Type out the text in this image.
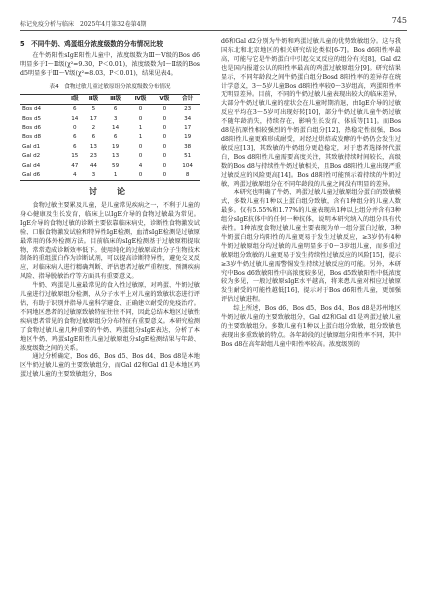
标记免疫分析与临床　2025年4月第32卷第4期	745
5　不同牛奶、鸡蛋组分浓度级数的分布情况比较

在牛奶阳性sIgE阳性儿童中，浓度级数为Ⅲ～Ⅴ级的Bos d6明显多于Ⅰ～Ⅱ级(χ²=9.30，P＜0.01)，浓度级数为Ⅰ～Ⅱ级的Bos d5明显多于Ⅲ～Ⅴ级(χ²=8.03，P＜0.01)，结果见表4。

表4　食物过敏儿童过敏原组分浓度级数分布情况
	Ⅰ级	Ⅱ级	Ⅲ级	Ⅳ级	Ⅴ级	合计
Bos d4	6	5	6	0	0	23
Bos d5	14	17	3	0	0	34
Bos d6	0	2	14	1	0	17
Bos d8	6	6	6	1	0	19
Gal d1	6	13	19	0	0	38
Gal d2	15	23	13	0	0	51
Gal d4	47	44	59	4	0	104
Gal d6	4	3	1	0	0	8
讨　论

食物过敏主要累及儿童，是儿童常见疾病之一，不利于儿童的身心健康及生长发育，临床上以IgE介导的食物过敏最为常见。IgE介导的食物过敏的诊断主要依靠临床病史，诊断性食物激发试验、口服食物激发试验和特异性IgE检测，血清sIgE检测是过敏原最常用的体外检测方法。目前临床的sIgE检测基于过敏原粗提取物，常常造成诊断效率低下。使用纯化的过敏原或由分子生物技术制备的重组蛋白作为诊断试剂，可以提高诊断特异性，避免交叉反应，对临床病人进行精确判断、评估患者过敏严重程度、预测疾病风险、指导脱敏治疗等方面具有重要意义。

牛奶、鸡蛋是儿童最常见的食入性过敏原，对鸡蛋、牛奶过敏儿童进行过敏原组分检测，从分子水平上对儿童的致敏状态进行评估，有助于识别并指导儿童科学避食、正确建立耐受的免疫治疗。不同地区患者的过敏原致敏特征往往不同，因此总结本地区过敏性疾病患者常见的食物过敏原组分分布特征有重要意义。本研究检测了食物过敏儿童几种重要的牛奶、鸡蛋组分sIgE表达，分析了本地区牛奶、鸡蛋sIgE阳性儿童过敏原组分sIgE检测结果与年龄、浓度级数之间的关系。

通过分析确定，Bos d6、Bos d5、Bos d4、Bos d8是本地区牛奶过敏儿童的主要致敏组分，而Gal d2和Gal d1是本地区鸡蛋过敏儿童的主要致敏组分，Bos

d6和Gal d2分别为牛奶和鸡蛋过敏儿童的优势致敏组分。这与我国东北和北京地区的相关研究结论类似[6-7]。Bos d6阳性率最高，可能与它是牛奶蛋白中引起交叉反应的组分有关[8]，Gal d2也是国内报道公认的阳性率最高的鸡蛋过敏原组分[9]。研究结果显示，不同年龄段之间牛奶蛋白组分Bosd 8阳性率的差异存在统计学意义，3～5岁儿童Bos d8阳性率较0～3岁组高，鸡蛋阳性率无明显差异。目前，不同的牛奶过敏儿童表现出较大的临床差异，大部分牛奶过敏儿童的症状会在儿童时期消退，由IgE介导的过敏反应平均在3～5岁可出现好转[10]，部分牛奶过敏儿童牛奶过敏不随年龄消失，持续存在，影响生长发育、体质等[11]。而Bos d8是抗原性相较强烈的牛奶蛋白组分[12]，热稳定性很强，Bos d8阳性儿童更难形成耐受，对经过烘焙或发酵的牛奶仍会发生过敏反应[13]，其致敏的牛奶组分更趋稳定，对于患者选择替代蛋白，Bos d8阳性儿童需要高度关注，其致敏持续时间较长，高级数的Bos d8与持续性牛奶过敏相关，且Bos d8阳性儿童出现严重过敏反应的风险更高[14]。Bos d8阳性可能预示着持续的牛奶过敏，鸡蛋过敏原组分在不同年龄段的儿童之间没有明显的差异。

本研究也明确了牛奶、鸡蛋过敏儿童过敏原组分蛋白的致敏模式，多数儿童有1种以上蛋白组分致敏，含有1种组分的儿童人数最多。仅有5.55%和1.77%的儿童表现出1种以上组分并含有3种组分sIgE抗体中的任何一种抗体，说明本研究纳入的组分具有代表性。1种浓度食物过敏儿童主要表现为单一组分蛋白过敏，3种牛奶蛋白组分均阳性的儿童更易于发生过敏反应，≥3岁仍有4种牛奶过敏原组分均过敏的儿童明显多于0～3岁组儿童，而多重过敏原组分致敏的儿童更易于发生持续性过敏反应的风险[15]，提示≥3岁牛奶过敏儿童需警惕发生持续过敏反应的可能。另外，本研究中Bos d6致敏阳性中高浓度较多见，Bos d5致敏阳性中低浓度较为多见，一般过敏原sIgE水平越高，将来患儿童对相应过敏原发生耐受的可能性越低[16]，提示对于Bos d6阳性儿童，更加强评估过敏进程。

综上所述，Bos d6、Bos d5、Bos d4、Bos d8是苏州地区牛奶过敏儿童的主要致敏组分，Gal d2和Gal d1是鸡蛋过敏儿童的主要致敏组分。多数儿童有1种以上蛋白组分致敏，组分致敏也表现出多重致敏的特点。各年龄段的过敏原组分阳性率不同，其中Bos d8在高年龄组儿童中阳性率较高。浓度级别的
